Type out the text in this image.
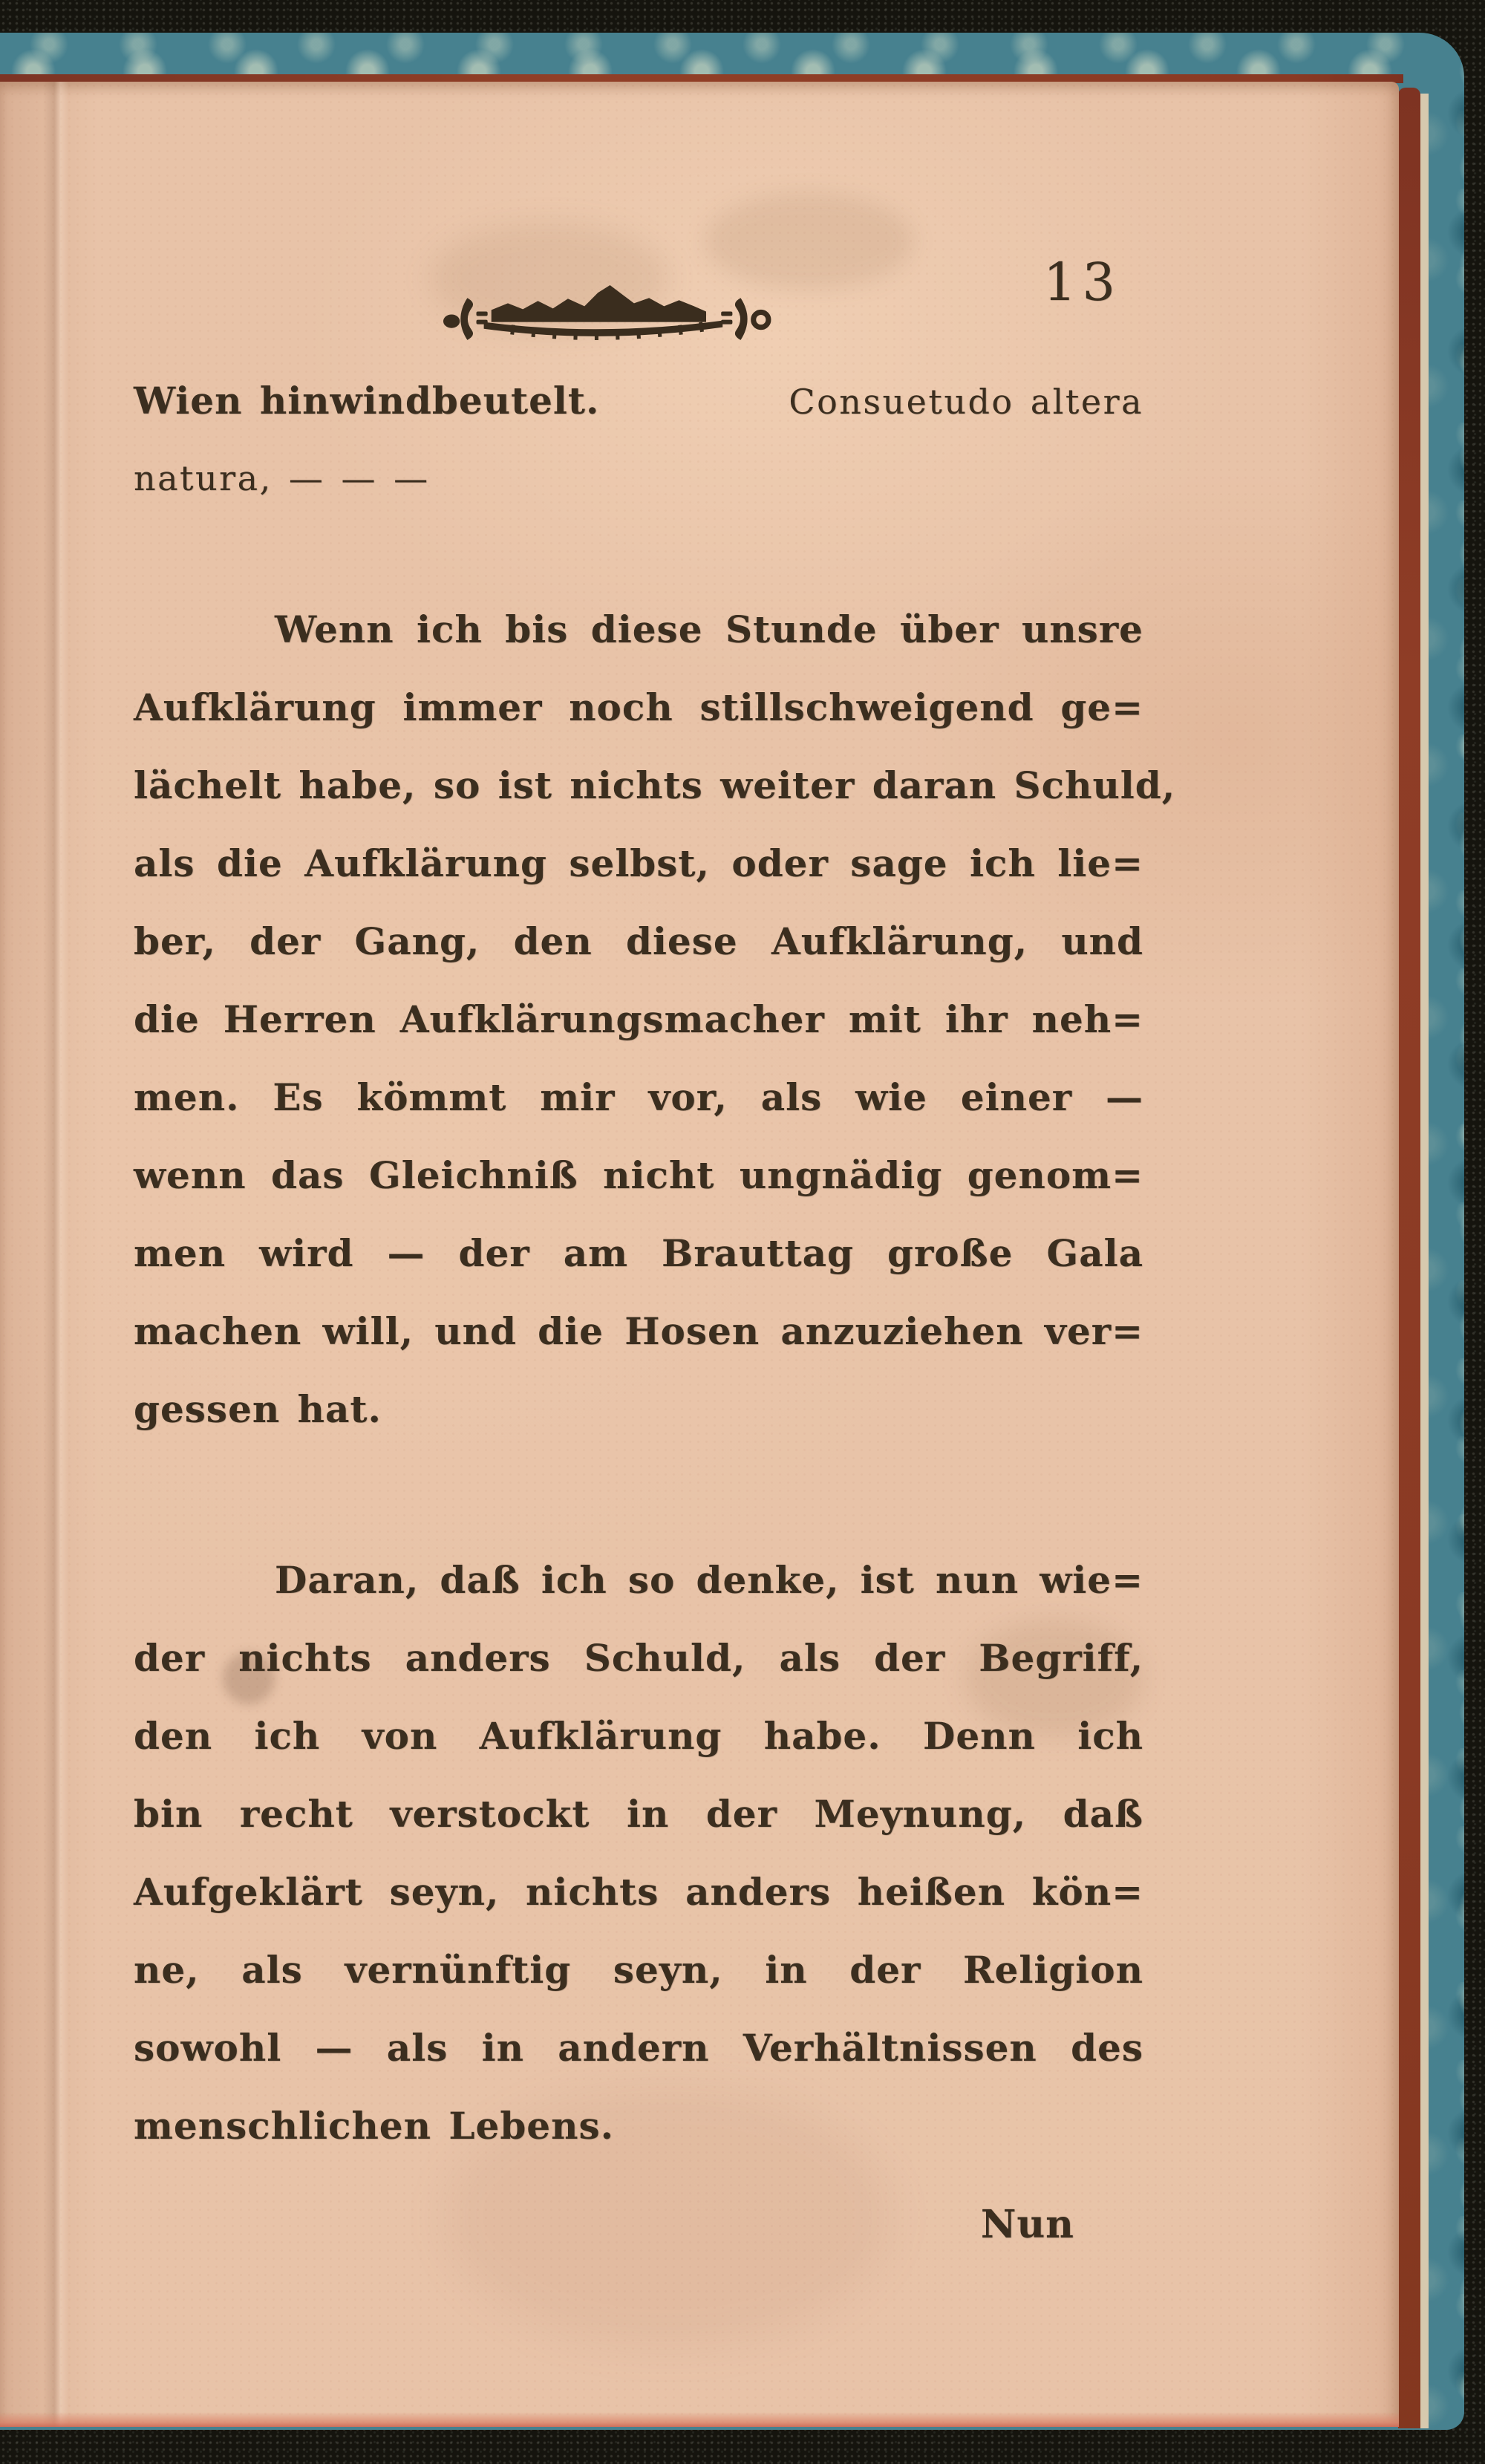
13
Wien hinwindbeutelt.	Consuetudo altera
natura, — — —
Wenn ich bis diese Stunde über unsre
Aufklärung immer noch stillschweigend ge=
lächelt habe, so ist nichts weiter daran Schuld,
als die Aufklärung selbst, oder sage ich lie=
ber, der Gang, den diese Aufklärung, und
die Herren Aufklärungsmacher mit ihr neh=
men. Es kömmt mir vor, als wie einer —
wenn das Gleichniß nicht ungnädig genom=
men wird — der am Brauttag große Gala
machen will, und die Hosen anzuziehen ver=
gessen hat.
Daran, daß ich so denke, ist nun wie=
der nichts anders Schuld, als der Begriff,
den ich von Aufklärung habe. Denn ich
bin recht verstockt in der Meynung, daß
Aufgeklärt seyn, nichts anders heißen kön=
ne, als vernünftig seyn, in der Religion
sowohl — als in andern Verhältnissen des
menschlichen Lebens.
Nun
